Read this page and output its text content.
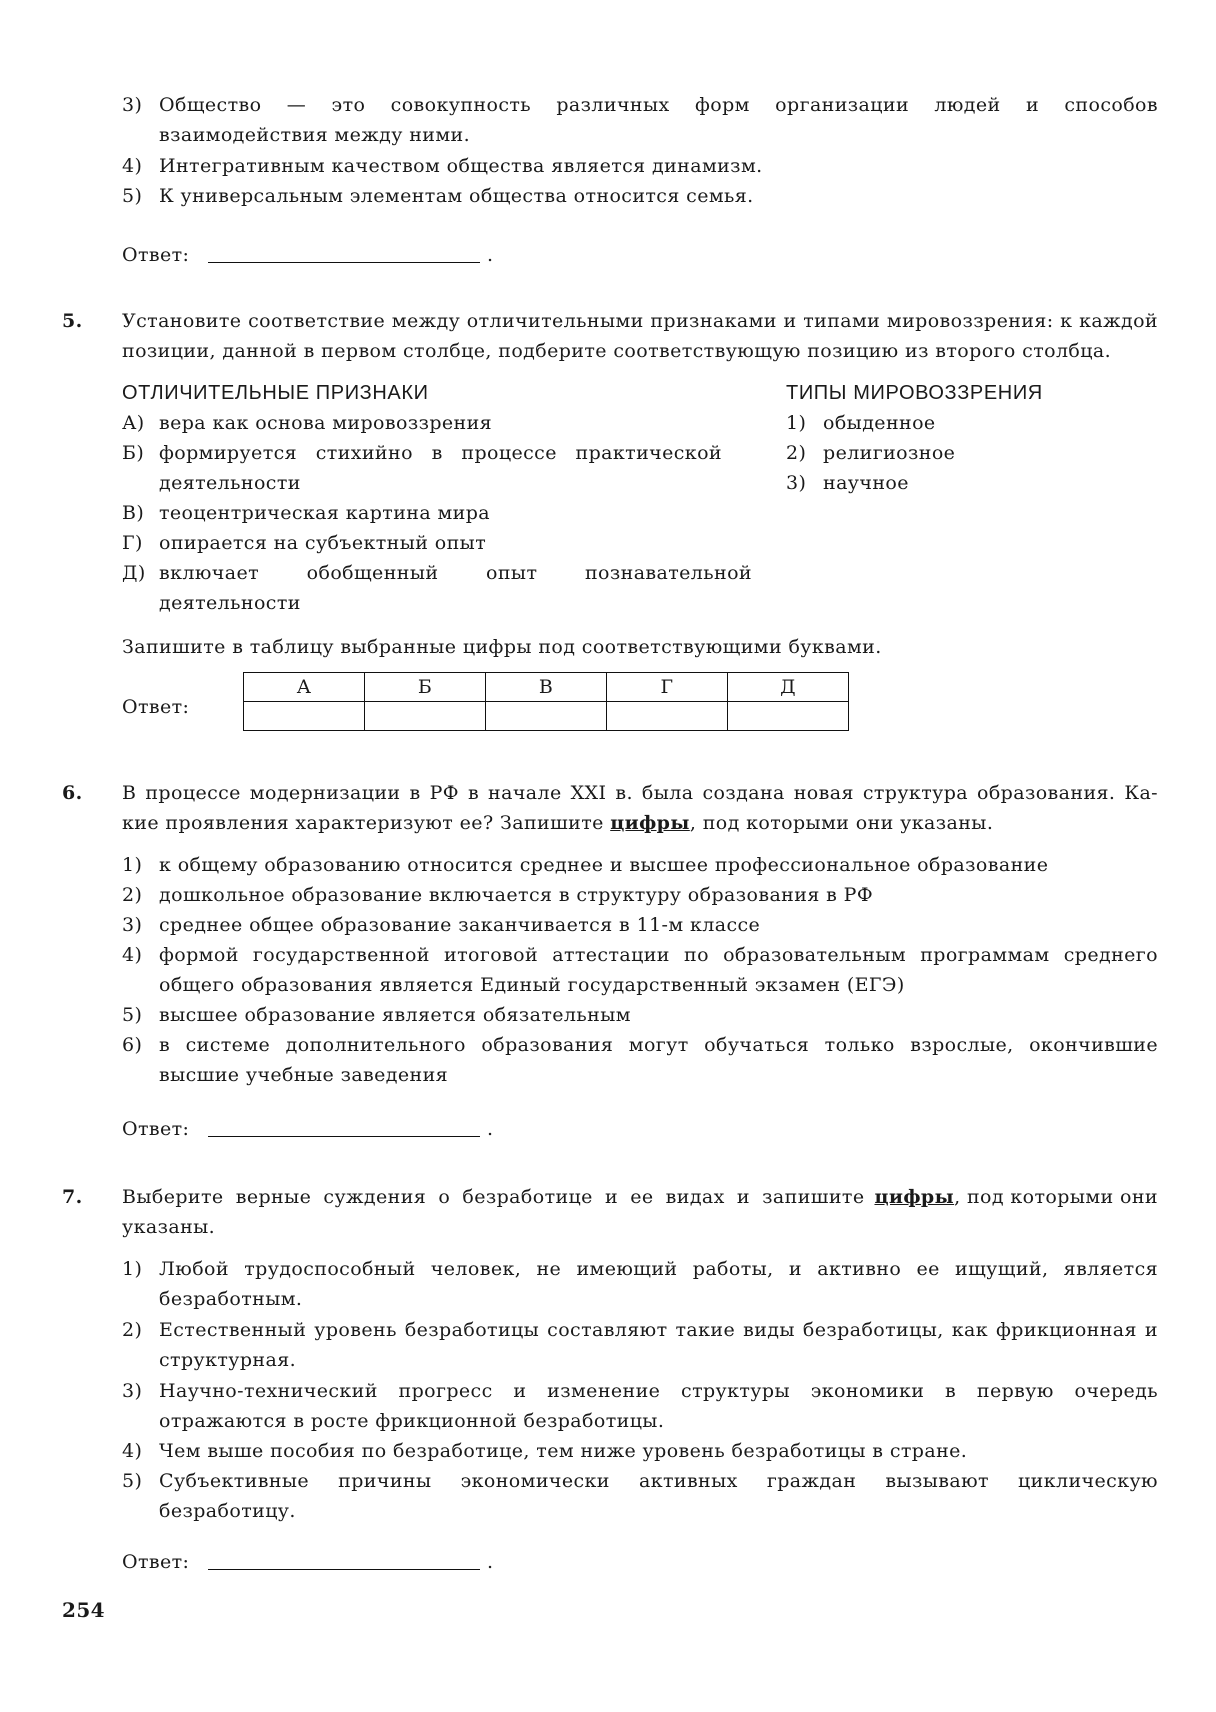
3) Общество — это совокупность различных форм организации людей и способов взаимодействия между ними.
4) Интегративным качеством общества является динамизм.
5) К универсальным элементам общества относится семья.
Ответ:	.
5. Установите соответствие между отличительными признаками и типами мировоззрения: к каждой
позиции, данной в первом столбце, подберите соответствующую позицию из второго столбца.
ОТЛИЧИТЕЛЬНЫЕ ПРИЗНАКИ	ТИПЫ МИРОВОЗЗРЕНИЯ
А) вера как основа мировоззрения
Б) формируется стихийно в процессе практической деятельности
В) теоцентрическая картина мира
Г) опирается на субъектный опыт
Д) включает обобщенный опыт познавательной деятельности
1) обыденное
2) религиозное
3) научное
Запишите в таблицу выбранные цифры под соответствующими буквами.
Ответ:
А	Б	В	Г	Д

6. В процессе модернизации в РФ в начале XXI в. была создана новая структура образования. Ка-
кие проявления характеризуют ее? Запишите цифры, под которыми они указаны.
1) к общему образованию относится среднее и высшее профессиональное образование
2) дошкольное образование включается в структуру образования в РФ
3) среднее общее образование заканчивается в 11-м классе
4) формой государственной итоговой аттестации по образовательным программам среднего общего образования является Единый государственный экзамен (ЕГЭ)
5) высшее образование является обязательным
6) в системе дополнительного образования могут обучаться только взрослые, окончившие высшие учебные заведения
Ответ:	.
7. Выберите верные суждения о безработице и ее видах и запишите цифры , под которыми они
указаны.
1) Любой трудоспособный человек, не имеющий работы, и активно ее ищущий, является безработным.
2) Естественный уровень безработицы составляют такие виды безработицы, как фрикционная и структурная.
3) Научно-технический прогресс и изменение структуры экономики в первую очередь отражаются в росте фрикционной безработицы.
4) Чем выше пособия по безработице, тем ниже уровень безработицы в стране.
5) Субъективные причины экономически активных граждан вызывают циклическую безработицу.
Ответ:	.
254
